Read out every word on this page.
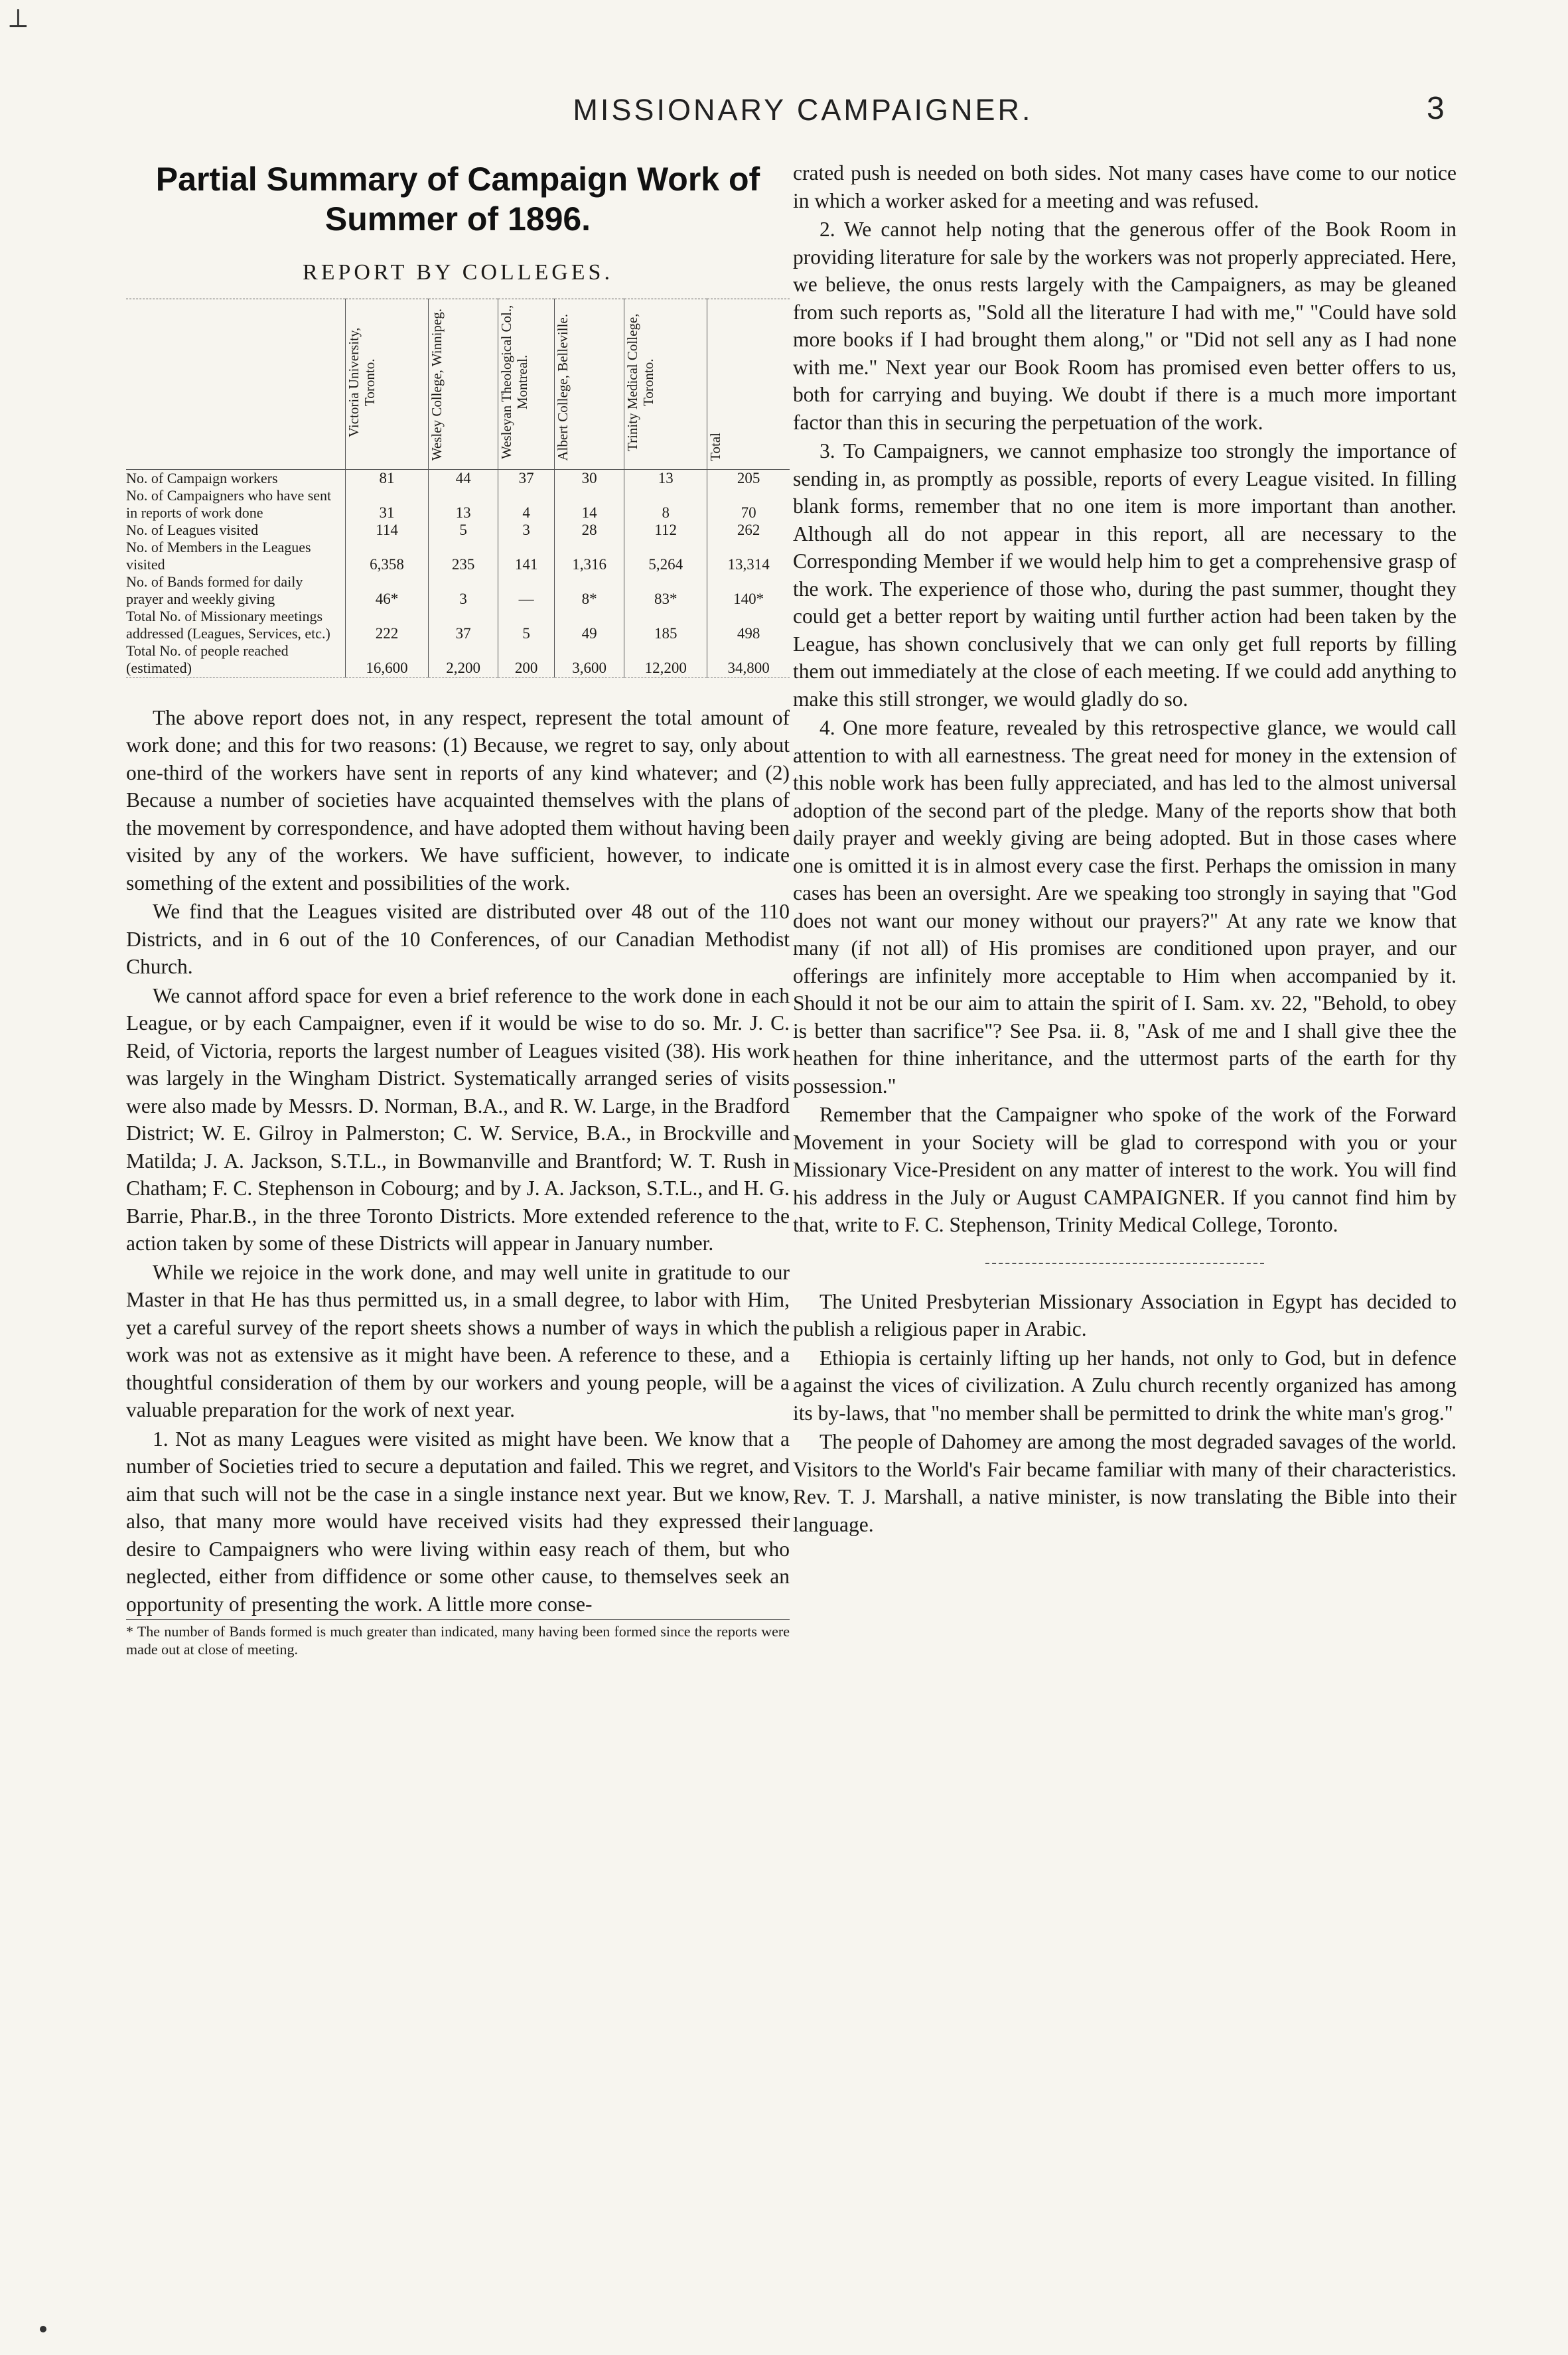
⟂
MISSIONARY CAMPAIGNER.	3
Partial Summary of Campaign Work of Summer of 1896.
REPORT BY COLLEGES.
	Victoria University, Toronto.	Wesley College, Winnipeg.	Wesleyan Theological Col., Montreal.	Albert College, Belleville.	Trinity Medical College, Toronto.	Total

No. of Campaign workers	81	44	37	30	13	205
No. of Campaigners who have sent in reports of work done	31	13	4	14	8	70
No. of Leagues visited	114	5	3	28	112	262
No. of Members in the Leagues visited	6,358	235	141	1,316	5,264	13,314
No. of Bands formed for daily prayer and weekly giving	46*	3	—	8*	83*	140*
Total No. of Missionary meetings addressed (Leagues, Services, etc.)	222	37	5	49	185	498
Total No. of people reached (estimated)	16,600	2,200	200	3,600	12,200	34,800

The above report does not, in any respect, represent the total amount of work done; and this for two reasons: (1) Because, we regret to say, only about one-third of the workers have sent in reports of any kind whatever; and (2) Because a number of societies have acquainted themselves with the plans of the movement by correspondence, and have adopted them without having been visited by any of the workers. We have sufficient, however, to indicate something of the extent and possibilities of the work.

We find that the Leagues visited are distributed over 48 out of the 110 Districts, and in 6 out of the 10 Conferences, of our Canadian Methodist Church.

We cannot afford space for even a brief reference to the work done in each League, or by each Campaigner, even if it would be wise to do so. Mr. J. C. Reid, of Victoria, reports the largest number of Leagues visited (38). His work was largely in the Wingham District. Systematically arranged series of visits were also made by Messrs. D. Norman, B.A., and R. W. Large, in the Bradford District; W. E. Gilroy in Palmerston; C. W. Service, B.A., in Brockville and Matilda; J. A. Jackson, S.T.L., in Bowmanville and Brantford; W. T. Rush in Chatham; F. C. Stephenson in Cobourg; and by J. A. Jackson, S.T.L., and H. G. Barrie, Phar.B., in the three Toronto Districts. More extended reference to the action taken by some of these Districts will appear in January number.

While we rejoice in the work done, and may well unite in gratitude to our Master in that He has thus permitted us, in a small degree, to labor with Him, yet a careful survey of the report sheets shows a number of ways in which the work was not as extensive as it might have been. A reference to these, and a thoughtful consideration of them by our workers and young people, will be a valuable preparation for the work of next year.

1. Not as many Leagues were visited as might have been. We know that a number of Societies tried to secure a deputation and failed. This we regret, and aim that such will not be the case in a single instance next year. But we know, also, that many more would have received visits had they expressed their desire to Campaigners who were living within easy reach of them, but who neglected, either from diffidence or some other cause, to themselves seek an opportunity of presenting the work. A little more conse-

* The number of Bands formed is much greater than indicated, many having been formed since the reports were made out at close of meeting.

crated push is needed on both sides. Not many cases have come to our notice in which a worker asked for a meeting and was refused.

2. We cannot help noting that the generous offer of the Book Room in providing literature for sale by the workers was not properly appreciated. Here, we believe, the onus rests largely with the Campaigners, as may be gleaned from such reports as, "Sold all the literature I had with me," "Could have sold more books if I had brought them along," or "Did not sell any as I had none with me." Next year our Book Room has promised even better offers to us, both for carrying and buying. We doubt if there is a much more important factor than this in securing the perpetuation of the work.

3. To Campaigners, we cannot emphasize too strongly the importance of sending in, as promptly as possible, reports of every League visited. In filling blank forms, remember that no one item is more important than another. Although all do not appear in this report, all are necessary to the Corresponding Member if we would help him to get a comprehensive grasp of the work. The experience of those who, during the past summer, thought they could get a better report by waiting until further action had been taken by the League, has shown conclusively that we can only get full reports by filling them out immediately at the close of each meeting. If we could add anything to make this still stronger, we would gladly do so.

4. One more feature, revealed by this retrospective glance, we would call attention to with all earnestness. The great need for money in the extension of this noble work has been fully appreciated, and has led to the almost universal adoption of the second part of the pledge. Many of the reports show that both daily prayer and weekly giving are being adopted. But in those cases where one is omitted it is in almost every case the first. Perhaps the omission in many cases has been an oversight. Are we speaking too strongly in saying that "God does not want our money without our prayers?" At any rate we know that many (if not all) of His promises are conditioned upon prayer, and our offerings are infinitely more acceptable to Him when accompanied by it. Should it not be our aim to attain the spirit of I. Sam. xv. 22, "Behold, to obey is better than sacrifice"? See Psa. ii. 8, "Ask of me and I shall give thee the heathen for thine inheritance, and the uttermost parts of the earth for thy possession."

Remember that the Campaigner who spoke of the work of the Forward Movement in your Society will be glad to correspond with you or your Missionary Vice-President on any matter of interest to the work. You will find his address in the July or August CAMPAIGNER. If you cannot find him by that, write to F. C. Stephenson, Trinity Medical College, Toronto.

The United Presbyterian Missionary Association in Egypt has decided to publish a religious paper in Arabic.

Ethiopia is certainly lifting up her hands, not only to God, but in defence against the vices of civilization. A Zulu church recently organized has among its by-laws, that "no member shall be permitted to drink the white man's grog."

The people of Dahomey are among the most degraded savages of the world. Visitors to the World's Fair became familiar with many of their characteristics. Rev. T. J. Marshall, a native minister, is now translating the Bible into their language.
